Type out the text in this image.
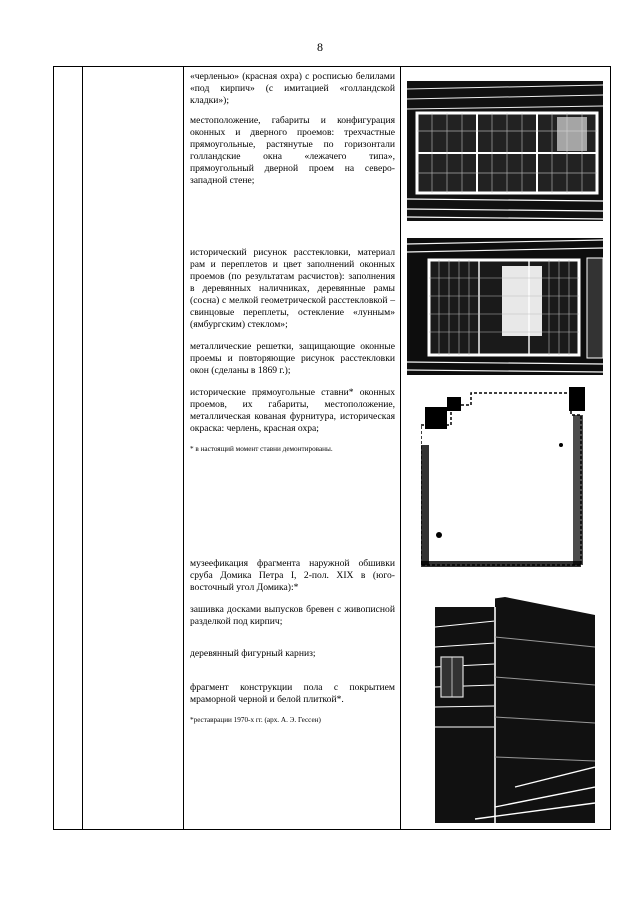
8

«черленью» (красная охра) с росписью белилами «под кирпич» (с имитацией «голландской кладки»);

местоположение, габариты и конфигурация оконных и дверного проемов: трехчастные прямоугольные, растянутые по горизонтали голландские окна «лежачего типа», прямоугольный дверной проем на северо-западной стене;

исторический рисунок расстекловки, материал рам и переплетов и цвет заполнений оконных проемов (по результатам расчистов): заполнения в деревянных наличниках, деревянные рамы (сосна) с мелкой геометрической расстекловкой – свинцовые переплеты, остекление «лунным» (ямбургским) стеклом»;

металлические решетки, защищающие оконные проемы и повторяющие рисунок расстекловки окон (сделаны в 1869 г.);

исторические прямоугольные ставни* оконных проемов, их габариты, местоположение, металлическая кованая фурнитура, историческая окраска: черлень, красная охра;

* в настоящий момент ставни демонтированы.

музеефикация фрагмента наружной обшивки сруба Домика Петра I, 2-пол. XIX в (юго-восточный угол Домика):*

зашивка досками выпусков бревен с живописной разделкой под кирпич;

деревянный фигурный карниз;

фрагмент конструкции пола с покрытием мраморной черной и белой плиткой*.

*реставрации 1970-х гг. (арх. А. Э. Гессен)
